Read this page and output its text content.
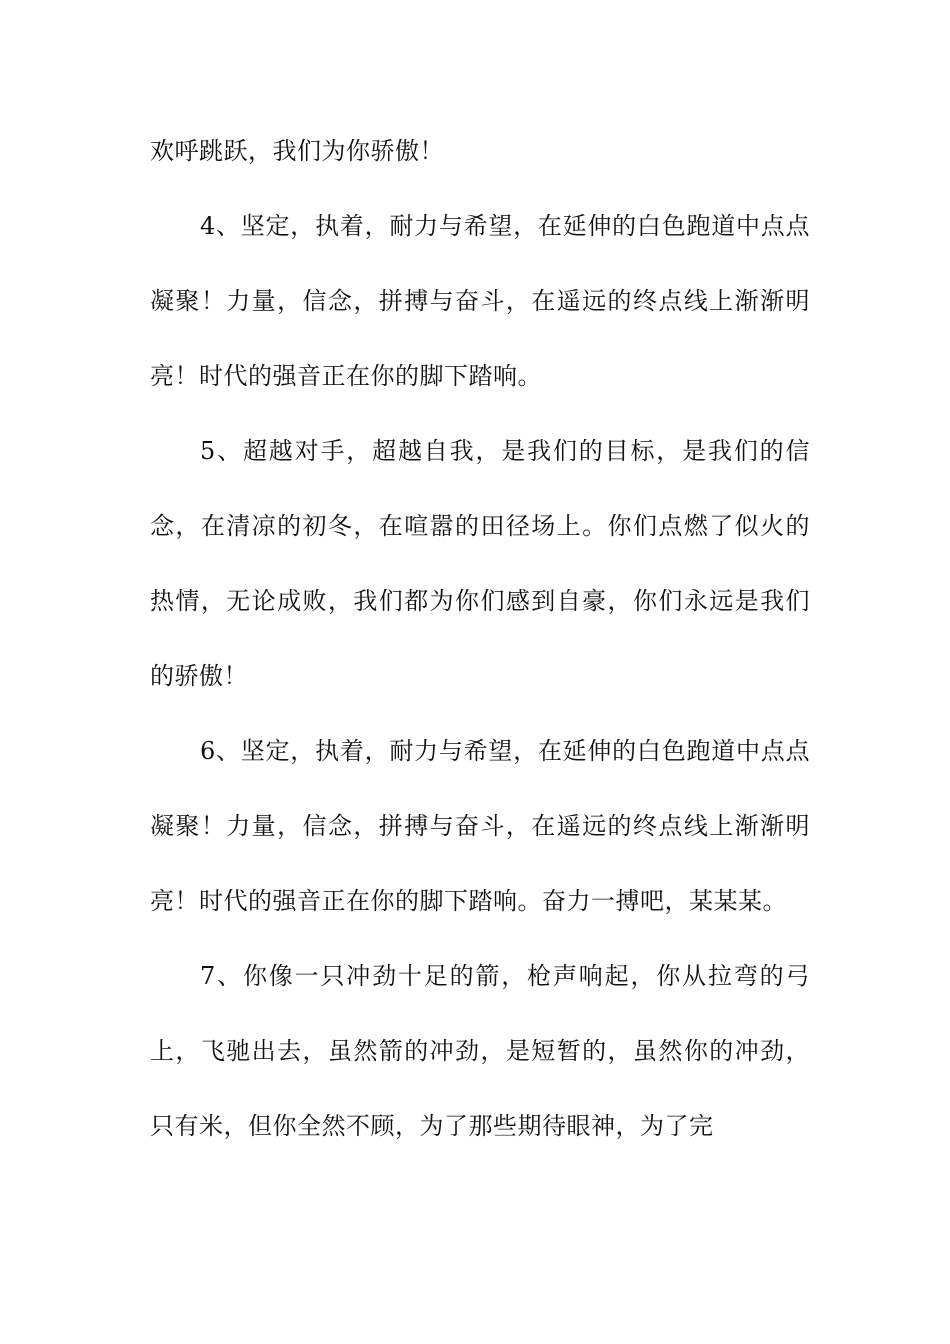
欢呼跳跃，我们为你骄傲！

4、坚定，执着，耐力与希望，在延伸的白色跑道中点点凝聚！力量，信念，拼搏与奋斗，在遥远的终点线上渐渐明亮！时代的强音正在你的脚下踏响。

5、超越对手，超越自我，是我们的目标，是我们的信念，在清凉的初冬，在喧嚣的田径场上。你们点燃了似火的热情，无论成败，我们都为你们感到自豪，你们永远是我们的骄傲！

6、坚定，执着，耐力与希望，在延伸的白色跑道中点点凝聚！力量，信念，拼搏与奋斗，在遥远的终点线上渐渐明亮！时代的强音正在你的脚下踏响。奋力一搏吧，某某某。

7、你像一只冲劲十足的箭，枪声响起，你从拉弯的弓上，飞驰出去，虽然箭的冲劲，是短暂的，虽然你的冲劲，只有米，但你全然不顾，为了那些期待眼神，为了完
